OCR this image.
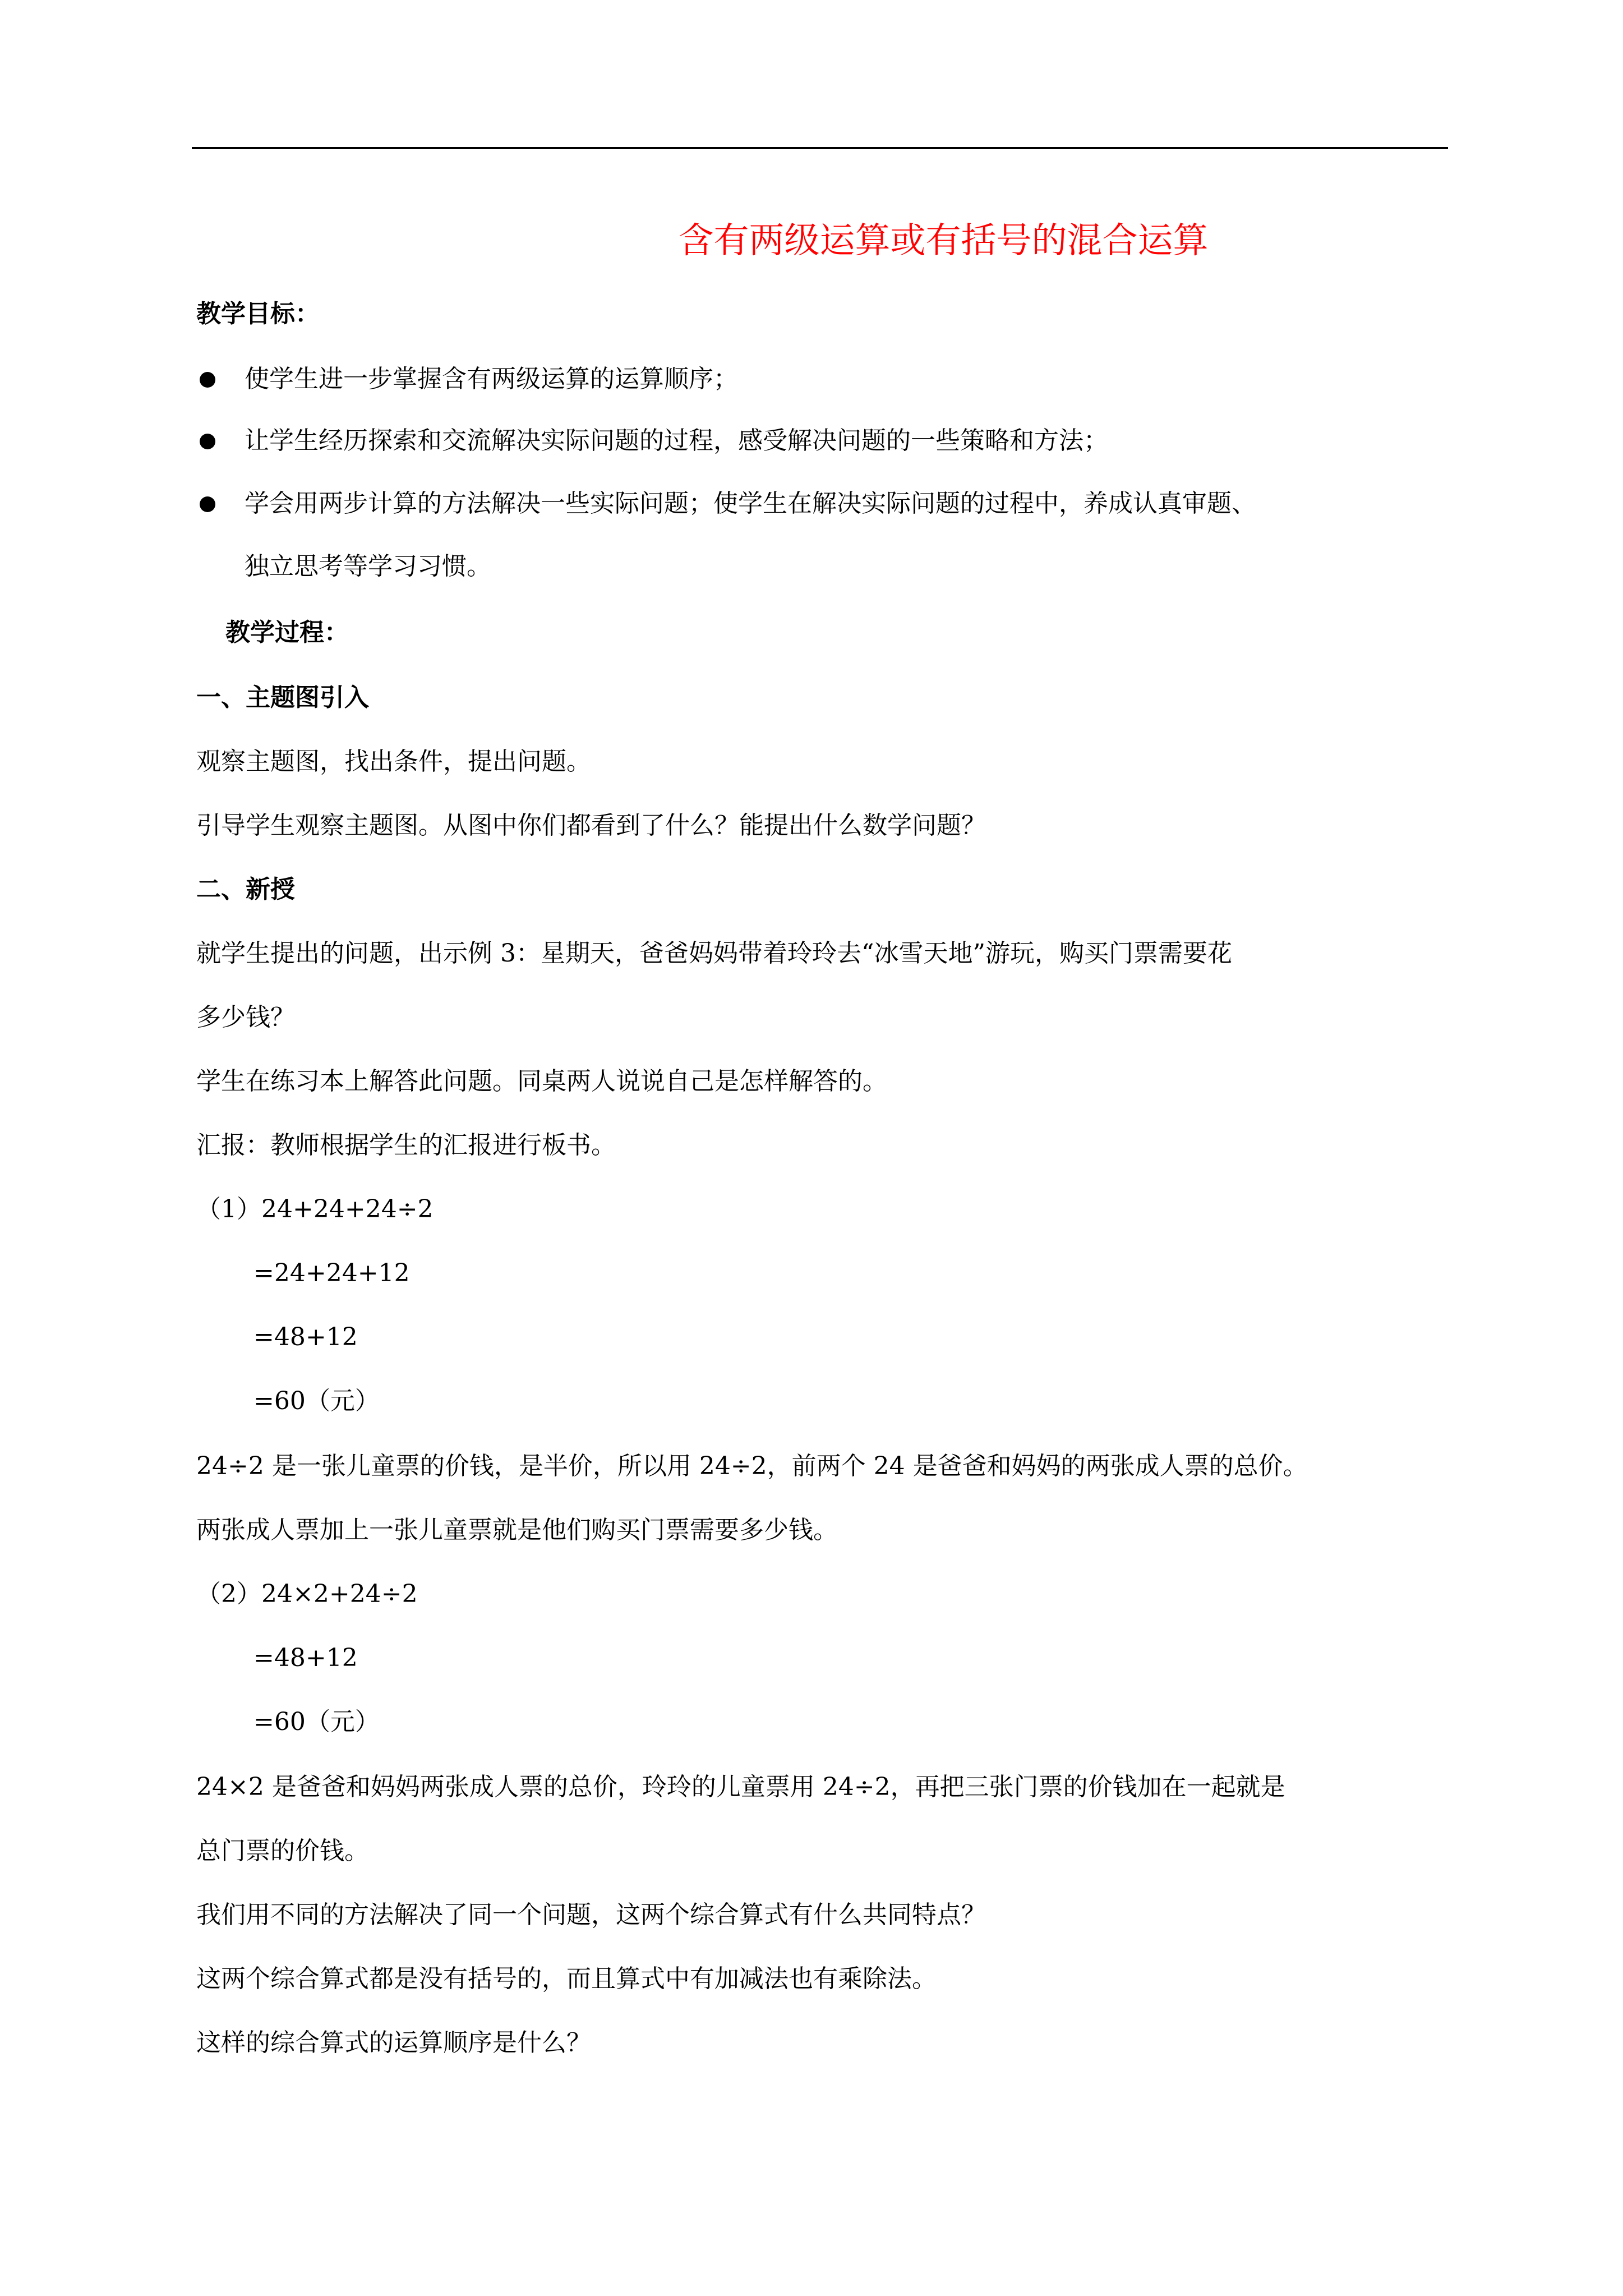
含有两级运算或有括号的混合运算
教学目标：
使学生进一步掌握含有两级运算的运算顺序；
让学生经历探索和交流解决实际问题的过程，感受解决问题的一些策略和方法；
学会用两步计算的方法解决一些实际问题；使学生在解决实际问题的过程中，养成认真审题、
独立思考等学习习惯。
教学过程：
一、主题图引入
观察主题图，找出条件，提出问题。
引导学生观察主题图。从图中你们都看到了什么？能提出什么数学问题？
二、新授
就学生提出的问题，出示例 3：星期天，爸爸妈妈带着玲玲去“冰雪天地”游玩，购买门票需要花
多少钱？
学生在练习本上解答此问题。同桌两人说说自己是怎样解答的。
汇报：教师根据学生的汇报进行板书。
（1）24+24+24÷2
=24+24+12
=48+12
=60（元）
24÷2 是一张儿童票的价钱，是半价，所以用 24÷2，前两个 24 是爸爸和妈妈的两张成人票的总价。
两张成人票加上一张儿童票就是他们购买门票需要多少钱。
（2）24×2+24÷2
=48+12
=60（元）
24×2 是爸爸和妈妈两张成人票的总价，玲玲的儿童票用 24÷2，再把三张门票的价钱加在一起就是
总门票的价钱。
我们用不同的方法解决了同一个问题，这两个综合算式有什么共同特点？
这两个综合算式都是没有括号的，而且算式中有加减法也有乘除法。
这样的综合算式的运算顺序是什么？
